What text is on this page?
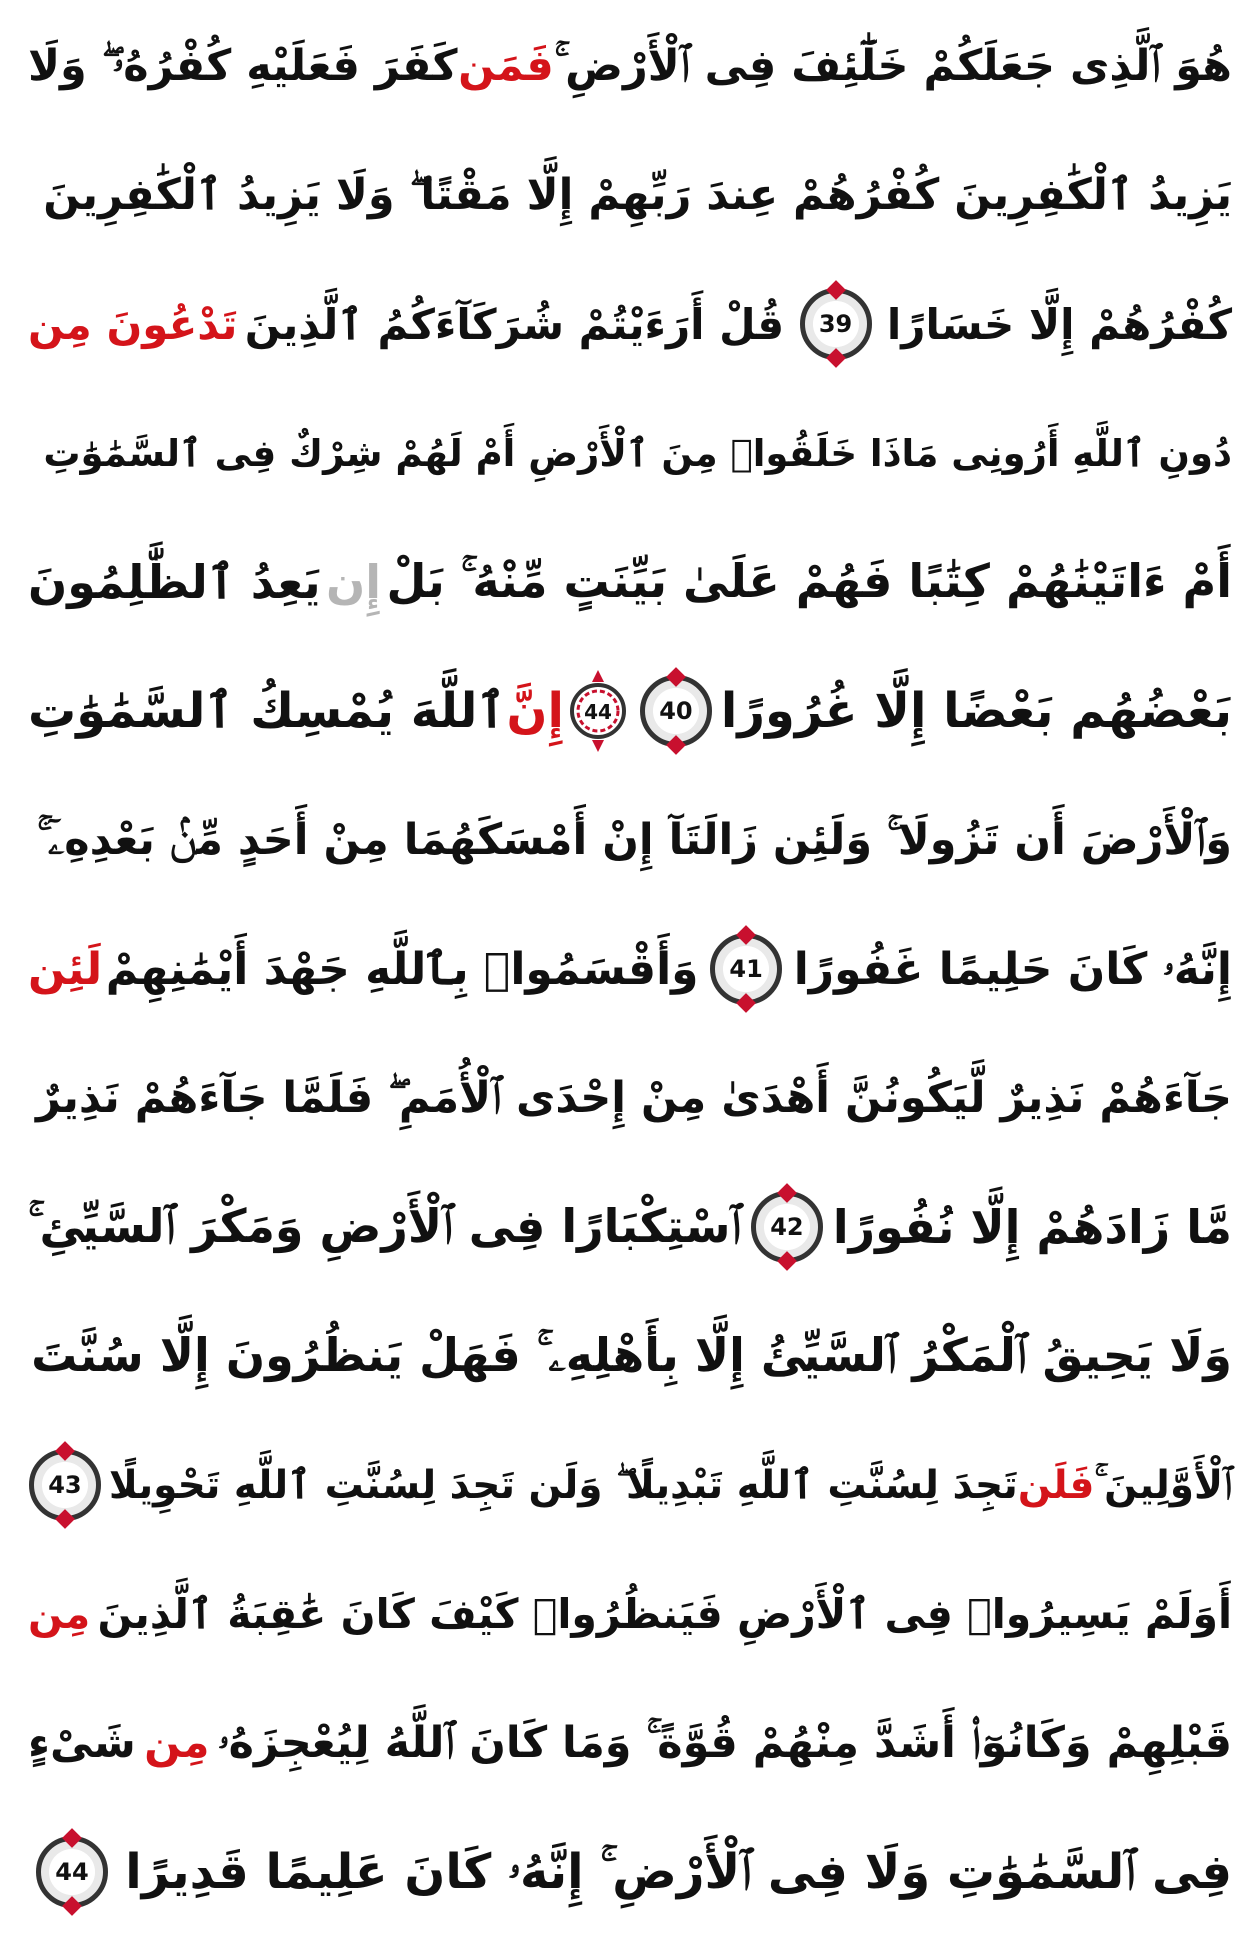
هُوَ ٱلَّذِى جَعَلَكُمْ خَلَٰٓئِفَ فِى ٱلْأَرْضِ ۚ
فَمَن
كَفَرَ فَعَلَيْهِ كُفْرُهُۥ ۖ وَلَا
يَزِيدُ ٱلْكَٰفِرِينَ كُفْرُهُمْ عِندَ رَبِّهِمْ إِلَّا مَقْتًا ۖ وَلَا يَزِيدُ ٱلْكَٰفِرِينَ
كُفْرُهُمْ إِلَّا خَسَارًا
39
قُلْ أَرَءَيْتُمْ شُرَكَآءَكُمُ ٱلَّذِينَ
تَدْعُونَ مِن
دُونِ ٱللَّهِ أَرُونِى مَاذَا خَلَقُوا۟ مِنَ ٱلْأَرْضِ أَمْ لَهُمْ شِرْكٌ فِى ٱلسَّمَٰوَٰتِ
أَمْ ءَاتَيْنَٰهُمْ كِتَٰبًا فَهُمْ عَلَىٰ بَيِّنَتٍ مِّنْهُ ۚ بَلْ
إِن
يَعِدُ ٱلظَّٰلِمُونَ
بَعْضُهُم بَعْضًا إِلَّا غُرُورًا
40
44
إِنَّ
ٱللَّهَ يُمْسِكُ ٱلسَّمَٰوَٰتِ
وَٱلْأَرْضَ أَن تَزُولَا ۚ وَلَئِن زَالَتَآ إِنْ أَمْسَكَهُمَا مِنْ أَحَدٍ مِّنۢ بَعْدِهِۦٓ ۚ
إِنَّهُۥ كَانَ حَلِيمًا غَفُورًا
41
وَأَقْسَمُوا۟ بِٱللَّهِ جَهْدَ أَيْمَٰنِهِمْ
لَئِن
جَآءَهُمْ نَذِيرٌ لَّيَكُونُنَّ أَهْدَىٰ مِنْ إِحْدَى ٱلْأُمَمِ ۖ فَلَمَّا جَآءَهُمْ نَذِيرٌ
مَّا زَادَهُمْ إِلَّا نُفُورًا
42
ٱسْتِكْبَارًا فِى ٱلْأَرْضِ وَمَكْرَ ٱلسَّيِّئِ ۚ
وَلَا يَحِيقُ ٱلْمَكْرُ ٱلسَّيِّئُ إِلَّا بِأَهْلِهِۦ ۚ فَهَلْ يَنظُرُونَ إِلَّا سُنَّتَ
ٱلْأَوَّلِينَ ۚ
فَلَن
تَجِدَ لِسُنَّتِ ٱللَّهِ تَبْدِيلًا ۖ وَلَن تَجِدَ لِسُنَّتِ ٱللَّهِ تَحْوِيلًا
43
أَوَلَمْ يَسِيرُوا۟ فِى ٱلْأَرْضِ فَيَنظُرُوا۟ كَيْفَ كَانَ عَٰقِبَةُ ٱلَّذِينَ
مِن
قَبْلِهِمْ وَكَانُوٓا۟ أَشَدَّ مِنْهُمْ قُوَّةً ۚ وَمَا كَانَ ٱللَّهُ لِيُعْجِزَهُۥ
مِن
شَىْءٍ
فِى ٱلسَّمَٰوَٰتِ وَلَا فِى ٱلْأَرْضِ ۚ إِنَّهُۥ كَانَ عَلِيمًا قَدِيرًا
44
